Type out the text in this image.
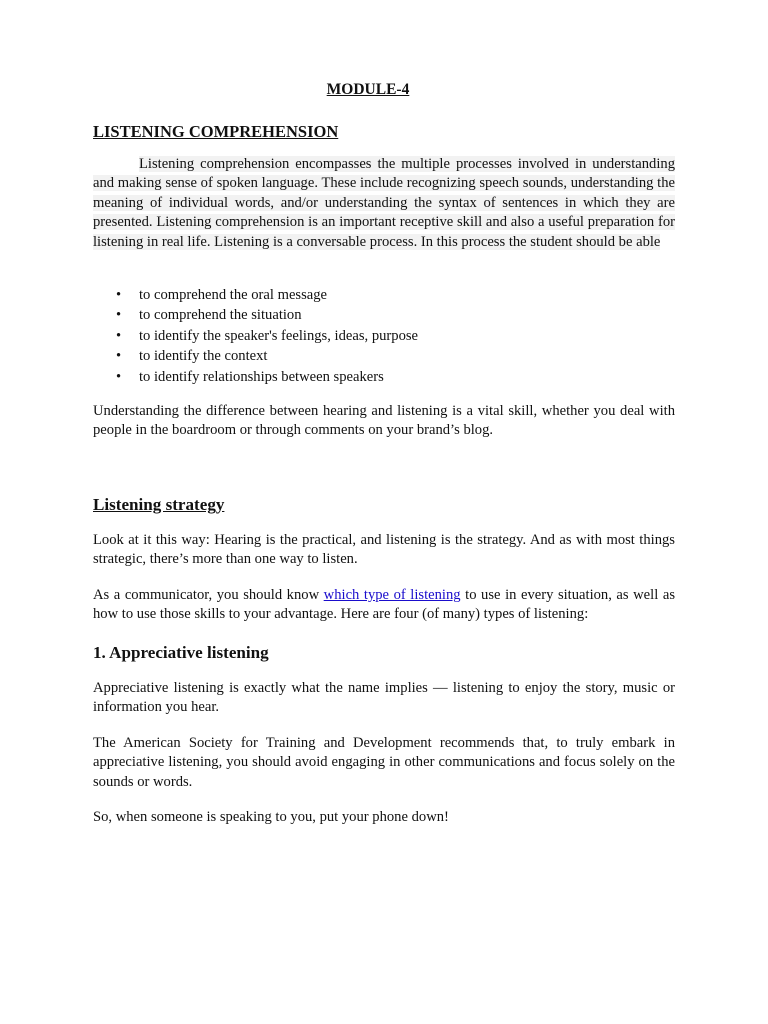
MODULE-4
LISTENING COMPREHENSION

Listening comprehension encompasses the multiple processes involved in understanding and making sense of spoken language. These include recognizing speech sounds, understanding the meaning of individual words, and/or understanding the syntax of sentences in which they are presented. Listening comprehension is an important receptive skill and also a useful preparation for listening in real life. Listening is a conversable process. In this process the student should be able

• to comprehend the oral message
• to comprehend the situation
• to identify the speaker's feelings, ideas, purpose
• to identify the context
• to identify relationships between speakers

Understanding the difference between hearing and listening is a vital skill, whether you deal with people in the boardroom or through comments on your brand’s blog.

Listening strategy

Look at it this way: Hearing is the practical, and listening is the strategy. And as with most things strategic, there’s more than one way to listen.

As a communicator, you should know which type of listening to use in every situation, as well as how to use those skills to your advantage. Here are four (of many) types of listening:

1. Appreciative listening

Appreciative listening is exactly what the name implies — listening to enjoy the story, music or information you hear.

The American Society for Training and Development recommends that, to truly embark in appreciative listening, you should avoid engaging in other communications and focus solely on the sounds or words.

So, when someone is speaking to you, put your phone down!
